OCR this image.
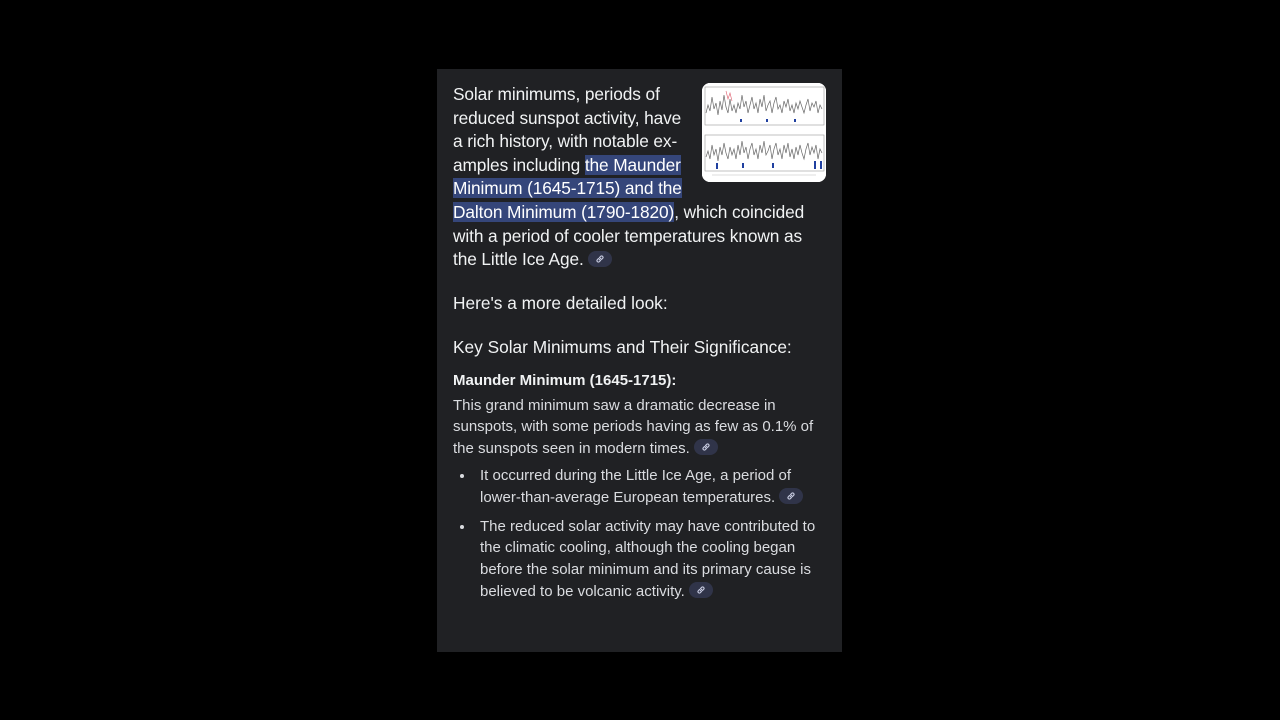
Solar minimums, periods of reduced sunspot activity, have a rich history, with notable examples including the Maunder Minimum (1645-1715) and the Dalton Minimum (1790-1820), which coincided with a period of cooler temperatures known as the Little Ice Age.

Here's a more detailed look:

Key Solar Minimums and Their Significance:
Maunder Minimum (1645-1715):

This grand minimum saw a dramatic decrease in sunspots, with some periods having as few as 0.1% of the sunspots seen in modern times.

It occurred during the Little Ice Age, a period of lower-than-average European temperatures.
The reduced solar activity may have contributed to the climatic cooling, although the cooling began before the solar minimum and its primary cause is believed to be volcanic activity.
